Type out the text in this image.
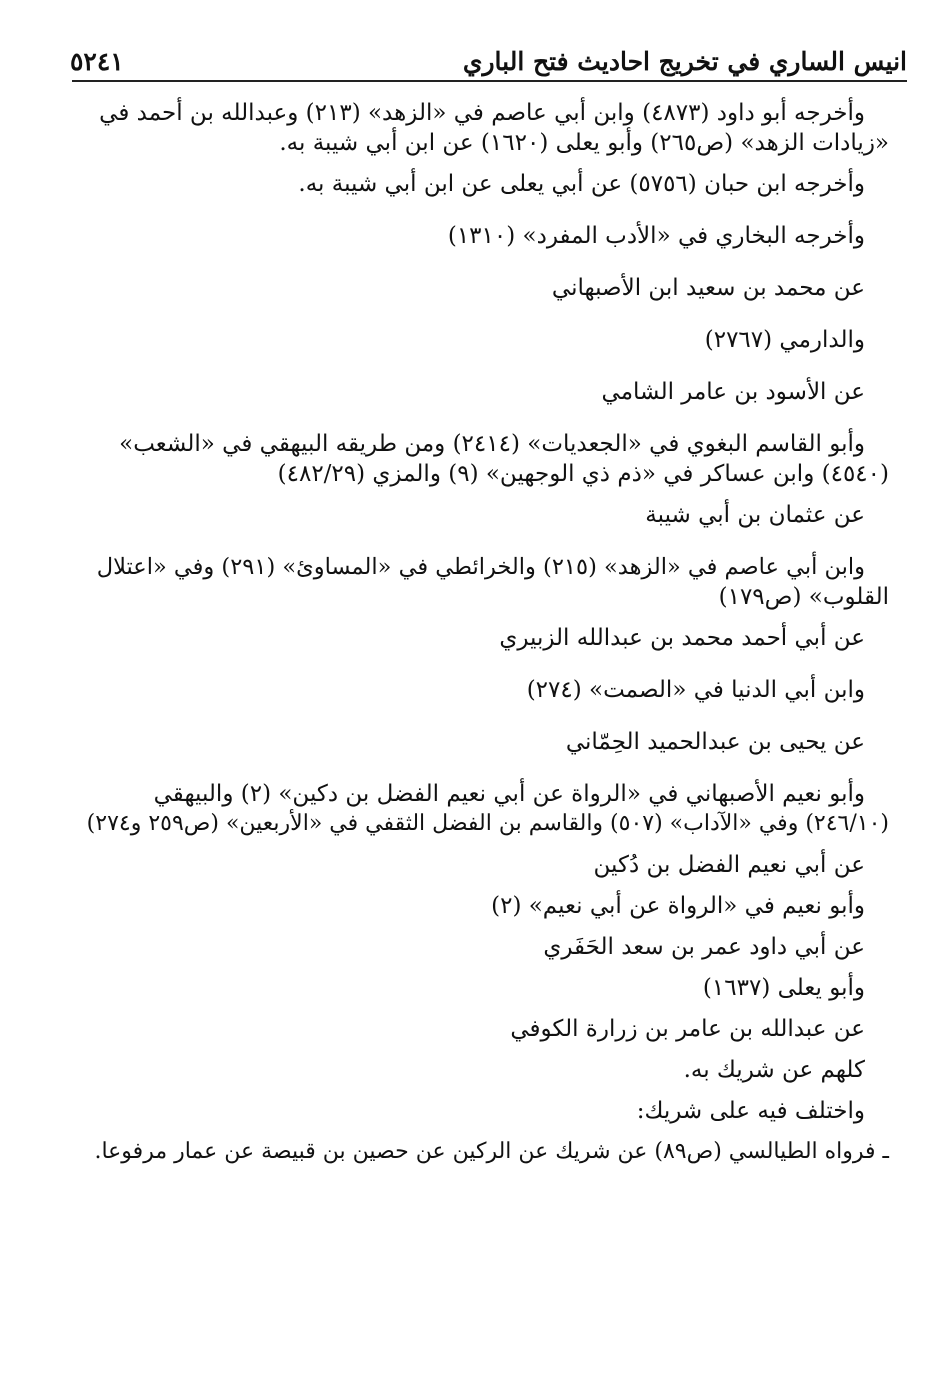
انيس الساري في تخريج احاديث فتح الباري
٥٢٤١
وأخرجه أبو داود (٤٨٧٣) وابن أبي عاصم في «الزهد» (٢١٣) وعبدالله بن أحمد في
«زيادات الزهد» (ص٢٦٥) وأبو يعلى (١٦٢٠) عن ابن أبي شيبة به.
وأخرجه ابن حبان (٥٧٥٦) عن أبي يعلى عن ابن أبي شيبة به.
وأخرجه البخاري في «الأدب المفرد» (١٣١٠)
عن محمد بن سعيد ابن الأصبهاني
والدارمي (٢٧٦٧)
عن الأسود بن عامر الشامي
وأبو القاسم البغوي في «الجعديات» (٢٤١٤) ومن طريقه البيهقي في «الشعب»
(٤٥٤٠) وابن عساكر في «ذم ذي الوجهين» (٩) والمزي (٤٨٢/٢٩)
عن عثمان بن أبي شيبة
وابن أبي عاصم في «الزهد» (٢١٥) والخرائطي في «المساوئ» (٢٩١) وفي «اعتلال
القلوب» (ص١٧٩)
عن أبي أحمد محمد بن عبدالله الزبيري
وابن أبي الدنيا في «الصمت» (٢٧٤)
عن يحيى بن عبدالحميد الحِمّاني
وأبو نعيم الأصبهاني في «الرواة عن أبي نعيم الفضل بن دكين» (٢) والبيهقي
(٢٤٦/١٠) وفي «الآداب» (٥٠٧) والقاسم بن الفضل الثقفي في «الأربعين» (ص٢٥٩ و٢٧٤)
عن أبي نعيم الفضل بن دُكين
وأبو نعيم في «الرواة عن أبي نعيم» (٢)
عن أبي داود عمر بن سعد الحَفَري
وأبو يعلى (١٦٣٧)
عن عبدالله بن عامر بن زرارة الكوفي
كلهم عن شريك به.
واختلف فيه على شريك:
ـ فرواه الطيالسي (ص٨٩) عن شريك عن الركين عن حصين بن قبيصة عن عمار مرفوعا.
